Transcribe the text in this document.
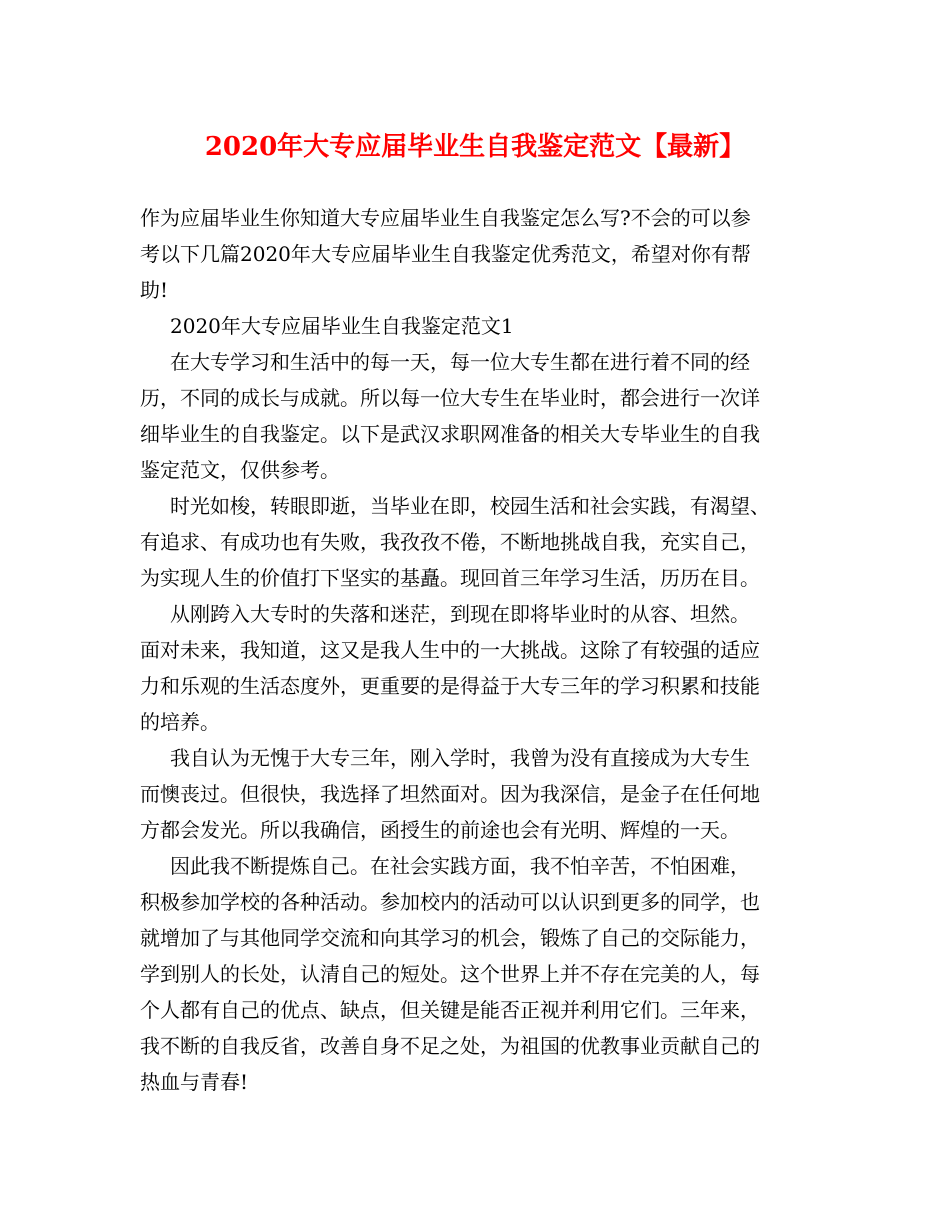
2020年大专应届毕业生自我鉴定范文【最新】
作为应届毕业生你知道大专应届毕业生自我鉴定怎么写?不会的可以参
考以下几篇2020年大专应届毕业生自我鉴定优秀范文，希望对你有帮
助!
2020年大专应届毕业生自我鉴定范文1
在大专学习和生活中的每一天，每一位大专生都在进行着不同的经
历，不同的成长与成就。所以每一位大专生在毕业时，都会进行一次详
细毕业生的自我鉴定。以下是武汉求职网准备的相关大专毕业生的自我
鉴定范文，仅供参考。
时光如梭，转眼即逝，当毕业在即，校园生活和社会实践，有渴望、
有追求、有成功也有失败，我孜孜不倦，不断地挑战自我，充实自己，
为实现人生的价值打下坚实的基矗。现回首三年学习生活，历历在目。
从刚跨入大专时的失落和迷茫，到现在即将毕业时的从容、坦然。
面对未来，我知道，这又是我人生中的一大挑战。这除了有较强的适应
力和乐观的生活态度外，更重要的是得益于大专三年的学习积累和技能
的培养。
我自认为无愧于大专三年，刚入学时，我曾为没有直接成为大专生
而懊丧过。但很快，我选择了坦然面对。因为我深信，是金子在任何地
方都会发光。所以我确信，函授生的前途也会有光明、辉煌的一天。
因此我不断提炼自己。在社会实践方面，我不怕辛苦，不怕困难，
积极参加学校的各种活动。参加校内的活动可以认识到更多的同学，也
就增加了与其他同学交流和向其学习的机会，锻炼了自己的交际能力，
学到别人的长处，认清自己的短处。这个世界上并不存在完美的人，每
个人都有自己的优点、缺点，但关键是能否正视并利用它们。三年来，
我不断的自我反省，改善自身不足之处，为祖国的优教事业贡献自己的
热血与青春!
